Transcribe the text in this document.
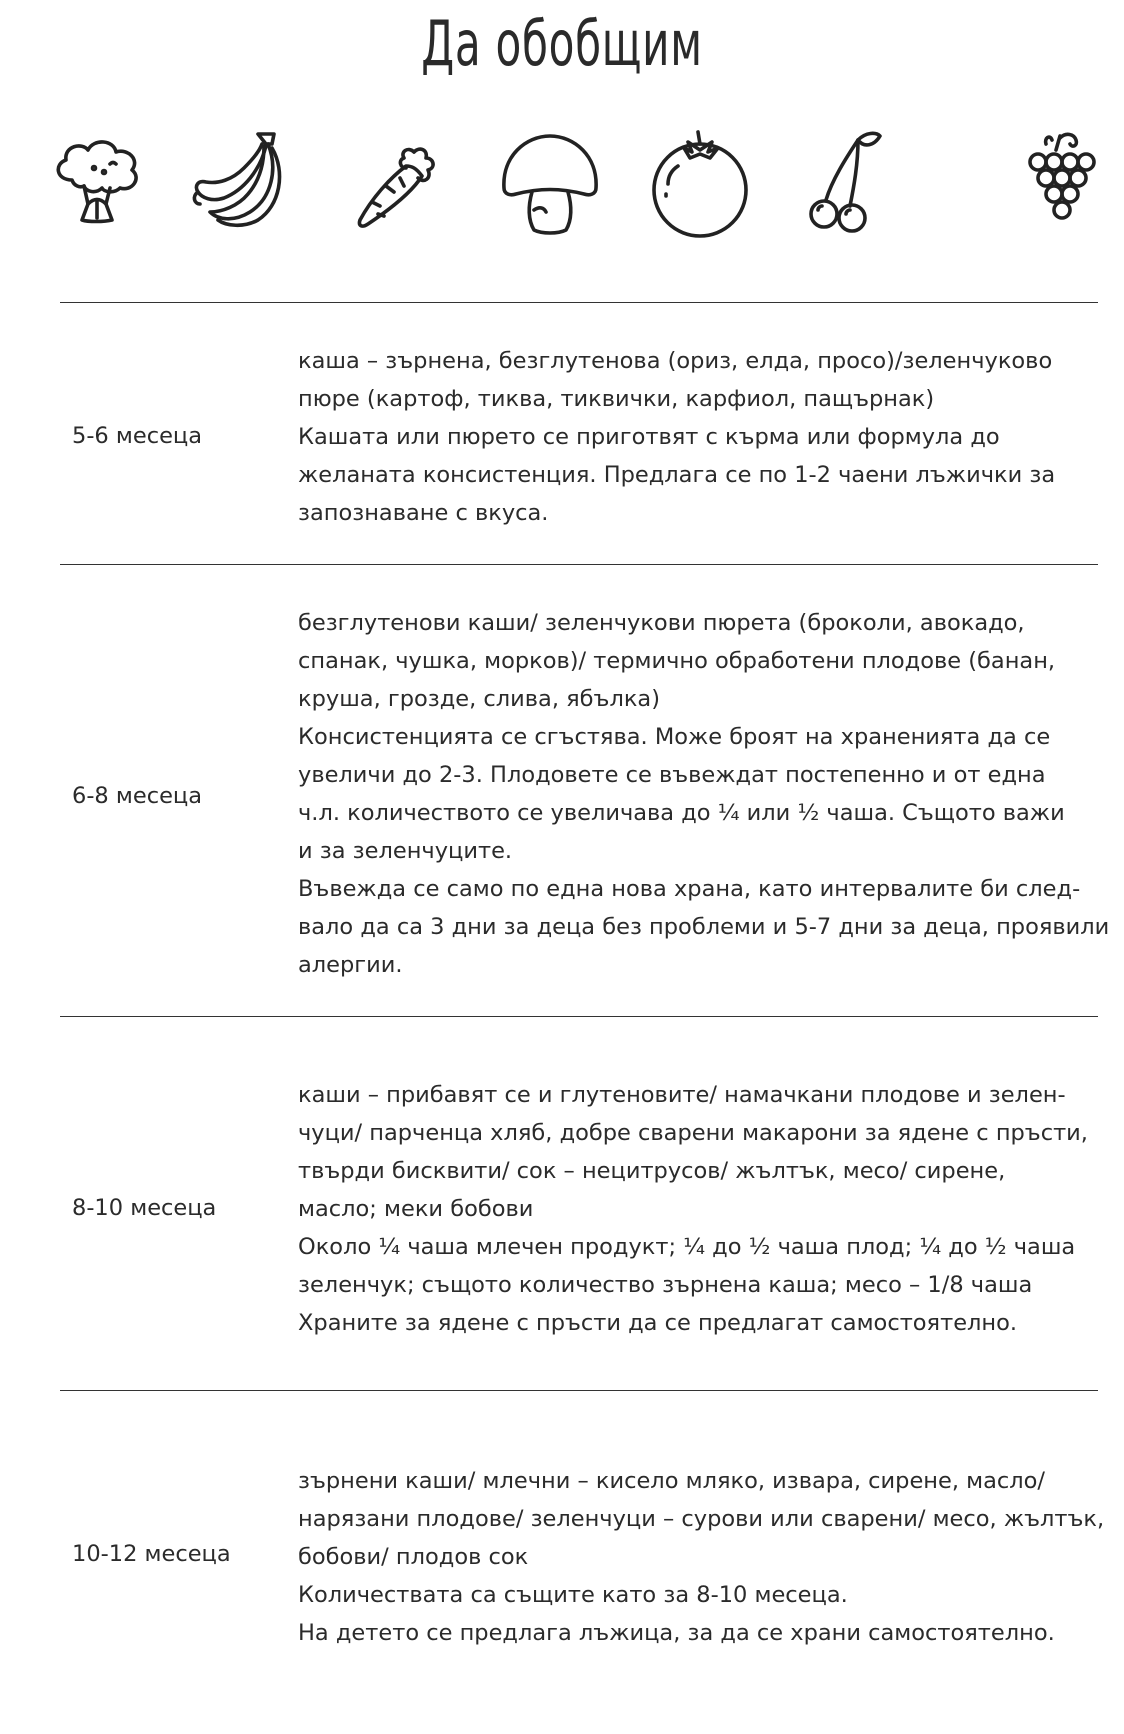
Да обобщим
5-6 месеца
каша – зърнена, безглутенова (ориз, елда, просо)/зеленчуково
пюре (картоф, тиква, тиквички, карфиол, пащърнак)
Кашата или пюрето се приготвят с кърма или формула до
желаната консистенция. Предлага се по 1-2 чаени лъжички за
запознаване с вкуса.
6-8 месеца
безглутенови каши/ зеленчукови пюрета (броколи, авокадо,
спанак, чушка, морков)/ термично обработени плодове (банан,
круша, грозде, слива, ябълка)
Консистенцията се сгъстява. Може броят на храненията да се
увеличи до 2-3. Плодовете се въвеждат постепенно и от една
ч.л. количеството се увеличава до ¼ или ½ чаша. Същото важи
и за зеленчуците.
Въвежда се само по една нова храна, като интервалите би след-
вало да са 3 дни за деца без проблеми и 5-7 дни за деца, проявили
алергии.
8-10 месеца
каши – прибавят се и глутеновите/ намачкани плодове и зелен-
чуци/ парченца хляб, добре сварени макарони за ядене с пръсти,
твърди бисквити/ сок – нецитрусов/ жълтък, месо/ сирене,
масло; меки бобови
Около ¼ чаша млечен продукт; ¼ до ½ чаша плод; ¼ до ½ чаша
зеленчук; същото количество зърнена каша; месо – 1/8 чаша
Храните за ядене с пръсти да се предлагат самостоятелно.
10-12 месеца
зърнени каши/ млечни – кисело мляко, извара, сирене, масло/
нарязани плодове/ зеленчуци – сурови или сварени/ месо, жълтък,
бобови/ плодов сок
Количествата са същите като за 8-10 месеца.
На детето се предлага лъжица, за да се храни самостоятелно.
